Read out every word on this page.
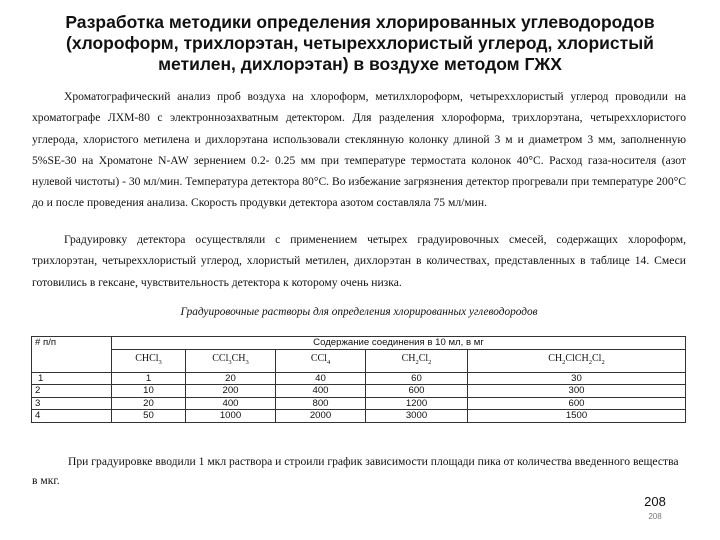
Разработка методики определения хлорированных углеводородов
(хлороформ, трихлорэтан, четыреххлористый углерод, хлористый
метилен, дихлорэтан) в воздухе методом ГЖХ

Хроматографический анализ проб воздуха на хлороформ, метилхлороформ, четыреххлористый углерод проводили на хроматографе ЛХМ-80 с электроннозахватным детектором. Для разделения хлороформа, трихлорэтана, четыреххлористого углерода, хлористого метилена и дихлорэтана использовали стеклянную колонку длиной 3 м и диаметром 3 мм, заполненную 5%SE-30 на Хроматоне N-AW зернением 0.2- 0.25 мм при температуре термостата колонок 40°С. Расход газа-носителя (азот нулевой чистоты) - 30 мл/мин. Температура детектора 80°С. Во избежание загрязнения детектор прогревали при температуре 200°С до и после проведения анализа. Скорость продувки детектора азотом составляла 75 мл/мин.

Градуировку детектора осуществляли с применением четырех градуировочных смесей, содержащих хлороформ, трихлорэтан, четыреххлористый углерод, хлористый метилен, дихлорэтан в количествах, представленных в таблице 14. Смеси готовились в гексане, чувствительность детектора к которому очень низка.

Градуировочные растворы для определения хлорированных углеводородов
# п/п	Содержание соединения в 10 мл, в мг				
	CHCl$_3$	$CCl_3CH_3$	CCl$_4$	$CH_2Cl_2$	$CH_2ClCH_2Cl_2$
1	1	20	40	60	30
2	10	200	400	600	300
3	20	400	800	1200	600
4	50	1000	2000	3000	1500

При градуировке вводили 1 мкл раствора и строили график зависимости площади пика от количества введенного вещества в мкг.

208
208
